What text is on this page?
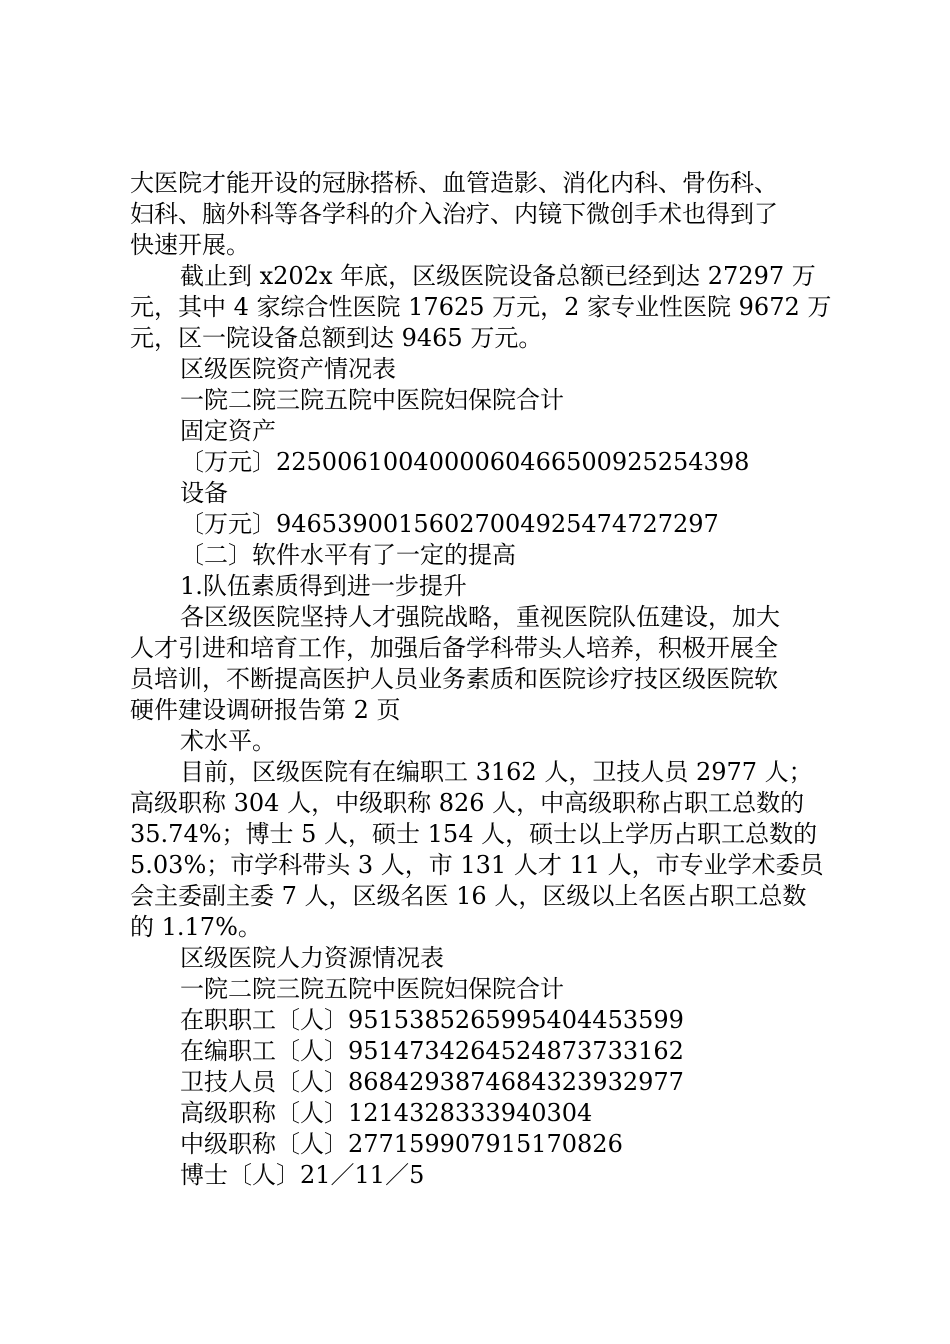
大医院才能开设的冠脉搭桥、血管造影、消化内科、骨伤科、
妇科、脑外科等各学科的介入治疗、内镜下微创手术也得到了
快速开展。
截止到 x202x 年底，区级医院设备总额已经到达 27297 万
元，其中 4 家综合性医院 17625 万元，2 家专业性医院 9672 万
元，区一院设备总额到达 9465 万元。
区级医院资产情况表
一院二院三院五院中医院妇保院合计
固定资产
〔万元〕2250061004000060466500925254398
设备
〔万元〕94653900156027004925474727297
〔二〕软件水平有了一定的提高
1.队伍素质得到进一步提升
各区级医院坚持人才强院战略，重视医院队伍建设，加大
人才引进和培育工作，加强后备学科带头人培养，积极开展全
员培训，不断提高医护人员业务素质和医院诊疗技区级医院软
硬件建设调研报告第 2 页
术水平。
目前，区级医院有在编职工 3162 人，卫技人员 2977 人；
高级职称 304 人，中级职称 826 人，中高级职称占职工总数的
35.74%；博士 5 人，硕士 154 人，硕士以上学历占职工总数的
5.03%；市学科带头 3 人，市 131 人才 11 人，市专业学术委员
会主委副主委 7 人，区级名医 16 人，区级以上名医占职工总数
的 1.17%。
区级医院人力资源情况表
一院二院三院五院中医院妇保院合计
在职职工〔人〕9515385265995404453599
在编职工〔人〕9514734264524873733162
卫技人员〔人〕8684293874684323932977
高级职称〔人〕1214328333940304
中级职称〔人〕277159907915170826
博士〔人〕21／11／5
